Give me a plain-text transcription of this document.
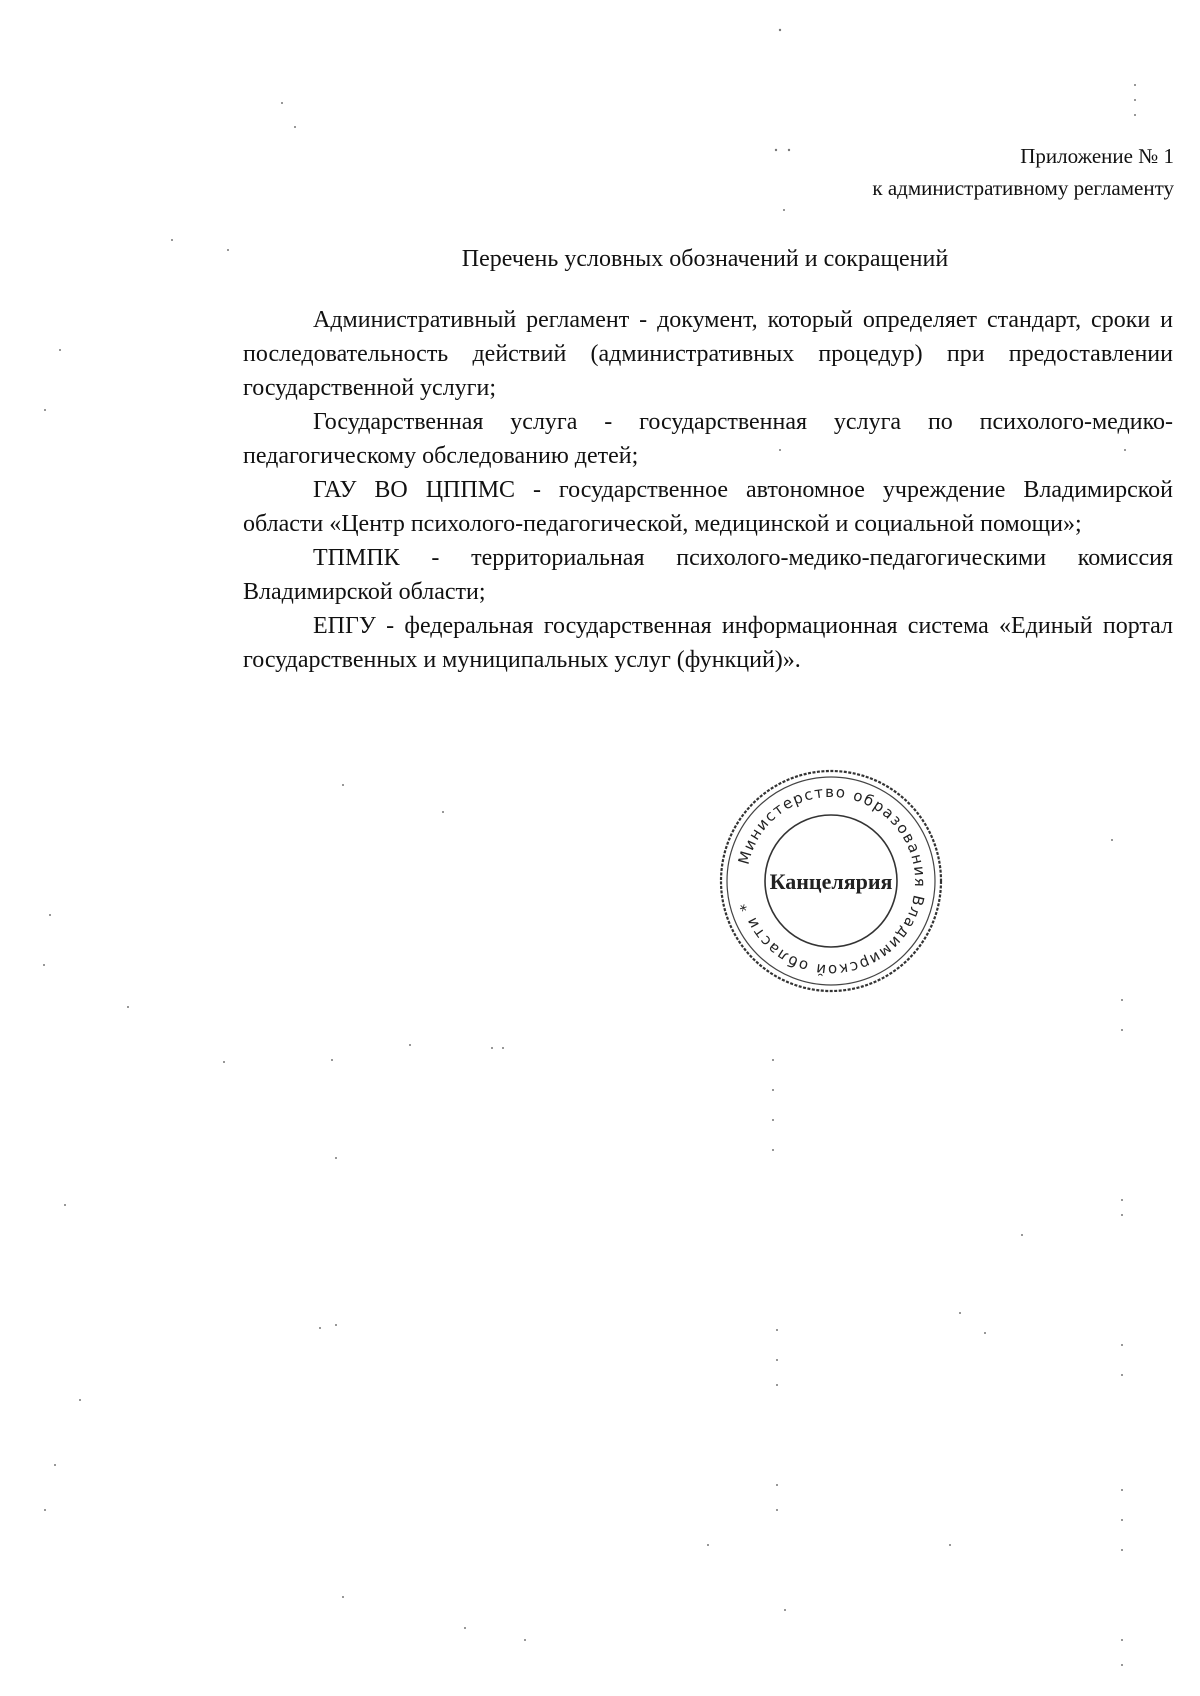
Приложение № 1
к административному регламенту
Перечень условных обозначений и сокращений

Административный регламент - документ, который определяет стандарт, сроки и последовательность действий (административных процедур) при предоставлении государственной услуги;

Государственная услуга - государственная услуга по психолого-медико-педагогическому обследованию детей;

ГАУ ВО ЦППМС - государственное автономное учреждение Владимирской области «Центр психолого-педагогической, медицинской и социальной помощи»;

ТПМПК - территориальная психолого-медико-педагогическими комиссия Владимирской области;

ЕПГУ - федеральная государственная информационная система «Единый портал государственных и муниципальных услуг (функций)».

Министерство образования Владимирской области *
Канцелярия
